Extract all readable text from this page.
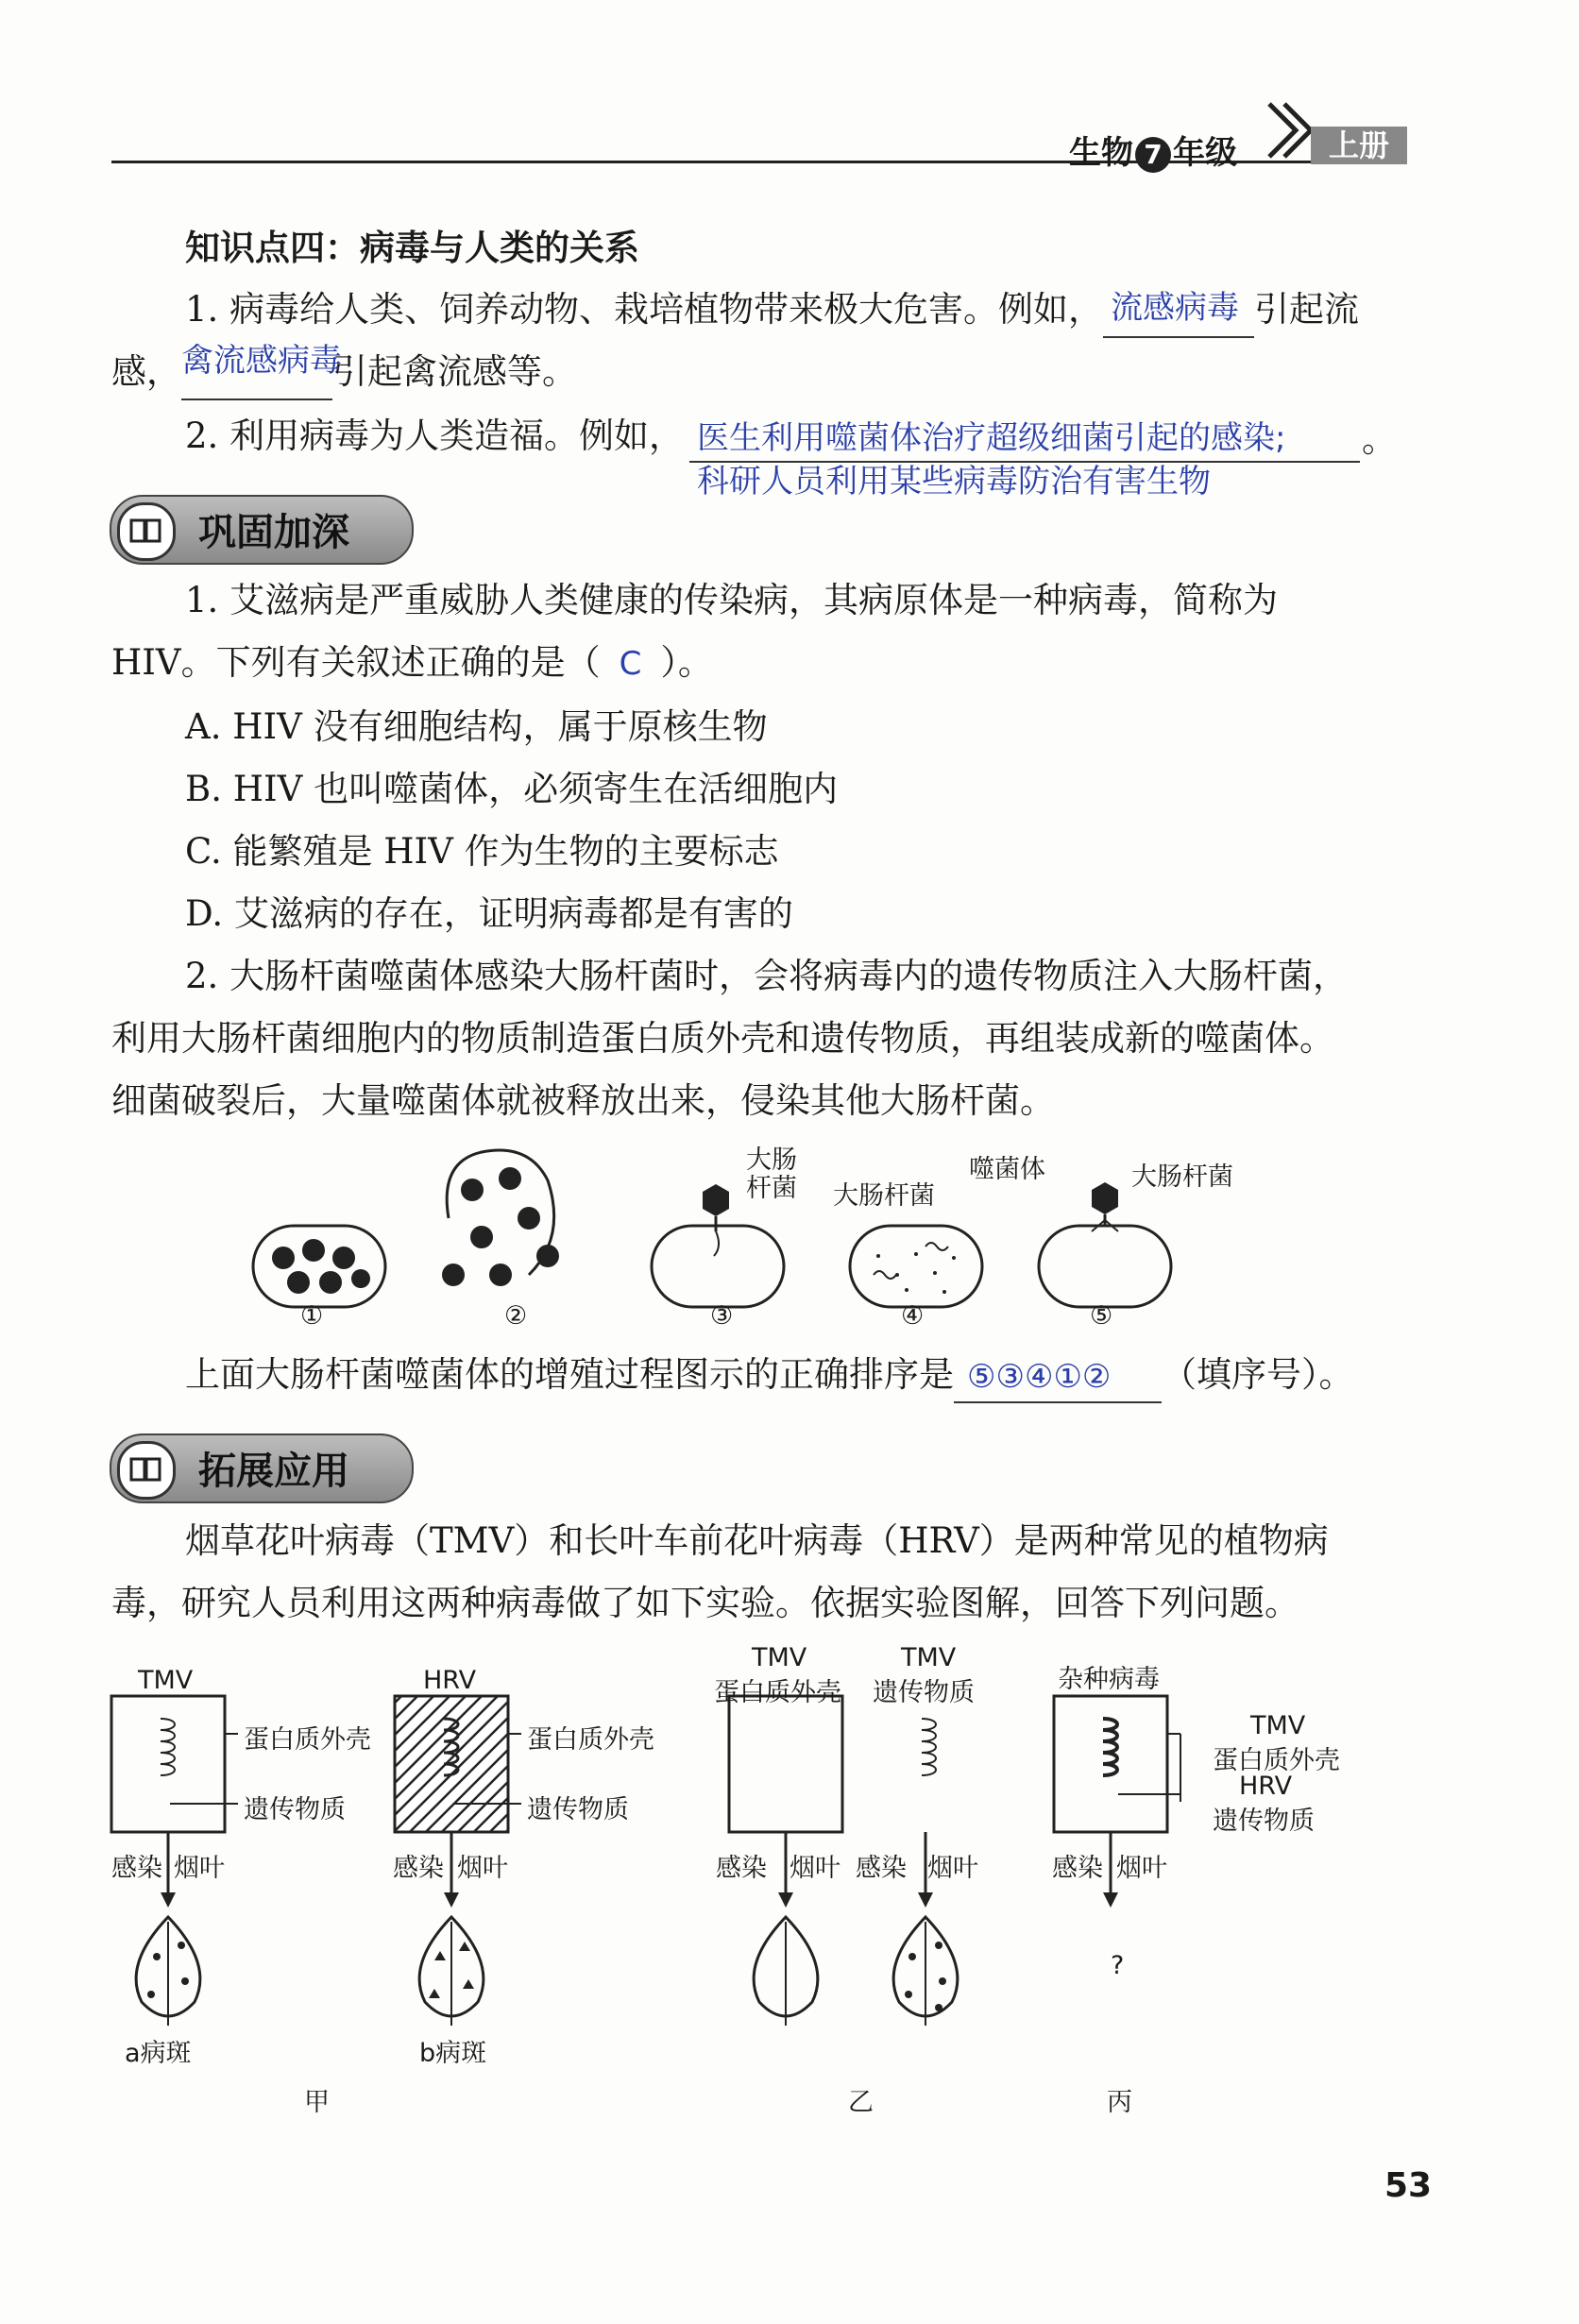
生物 7 年级	上册
知识点四：病毒与人类的关系
1. 病毒给人类、饲养动物、栽培植物带来极大危害。例如， 流感病毒 引起流
感， 禽流感病毒
引起禽流感等。
2. 利用病毒为人类造福。例如， 医生利用噬菌体治疗超级细菌引起的感染; 。
科研人员利用某些病毒防治有害生物
巩固加深
1. 艾滋病是严重威胁人类健康的传染病，其病原体是一种病毒，简称为
HIV。下列有关叙述正确的是（ C ）。
A. HIV 没有细胞结构，属于原核生物
B. HIV 也叫噬菌体，必须寄生在活细胞内
C. 能繁殖是 HIV 作为生物的主要标志
D. 艾滋病的存在，证明病毒都是有害的
2. 大肠杆菌噬菌体感染大肠杆菌时，会将病毒内的遗传物质注入大肠杆菌，
利用大肠杆菌细胞内的物质制造蛋白质外壳和遗传物质，再组装成新的噬菌体。
细菌破裂后，大量噬菌体就被释放出来，侵染其他大肠杆菌。
大肠
杆菌 大肠杆菌
噬菌体	大肠杆菌
①	②	③	④	⑤
上面大肠杆菌噬菌体的增殖过程图示的正确排序是 ⑤③④①② （填序号）。
拓展应用
烟草花叶病毒（TMV）和长叶车前花叶病毒（HRV）是两种常见的植物病
毒，研究人员利用这两种病毒做了如下实验。依据实验图解，回答下列问题。
TMV	HRV
蛋白质外壳
遗传物质
蛋白质外壳
遗传物质
感染 烟叶	感染 烟叶
a病斑	b病斑
TMV
蛋白质外壳
TMV
遗传物质
感染 烟叶 感染 烟叶
杂种病毒
TMV
蛋白质外壳
HRV
遗传物质
感染 烟叶
?
甲	乙	丙
53
